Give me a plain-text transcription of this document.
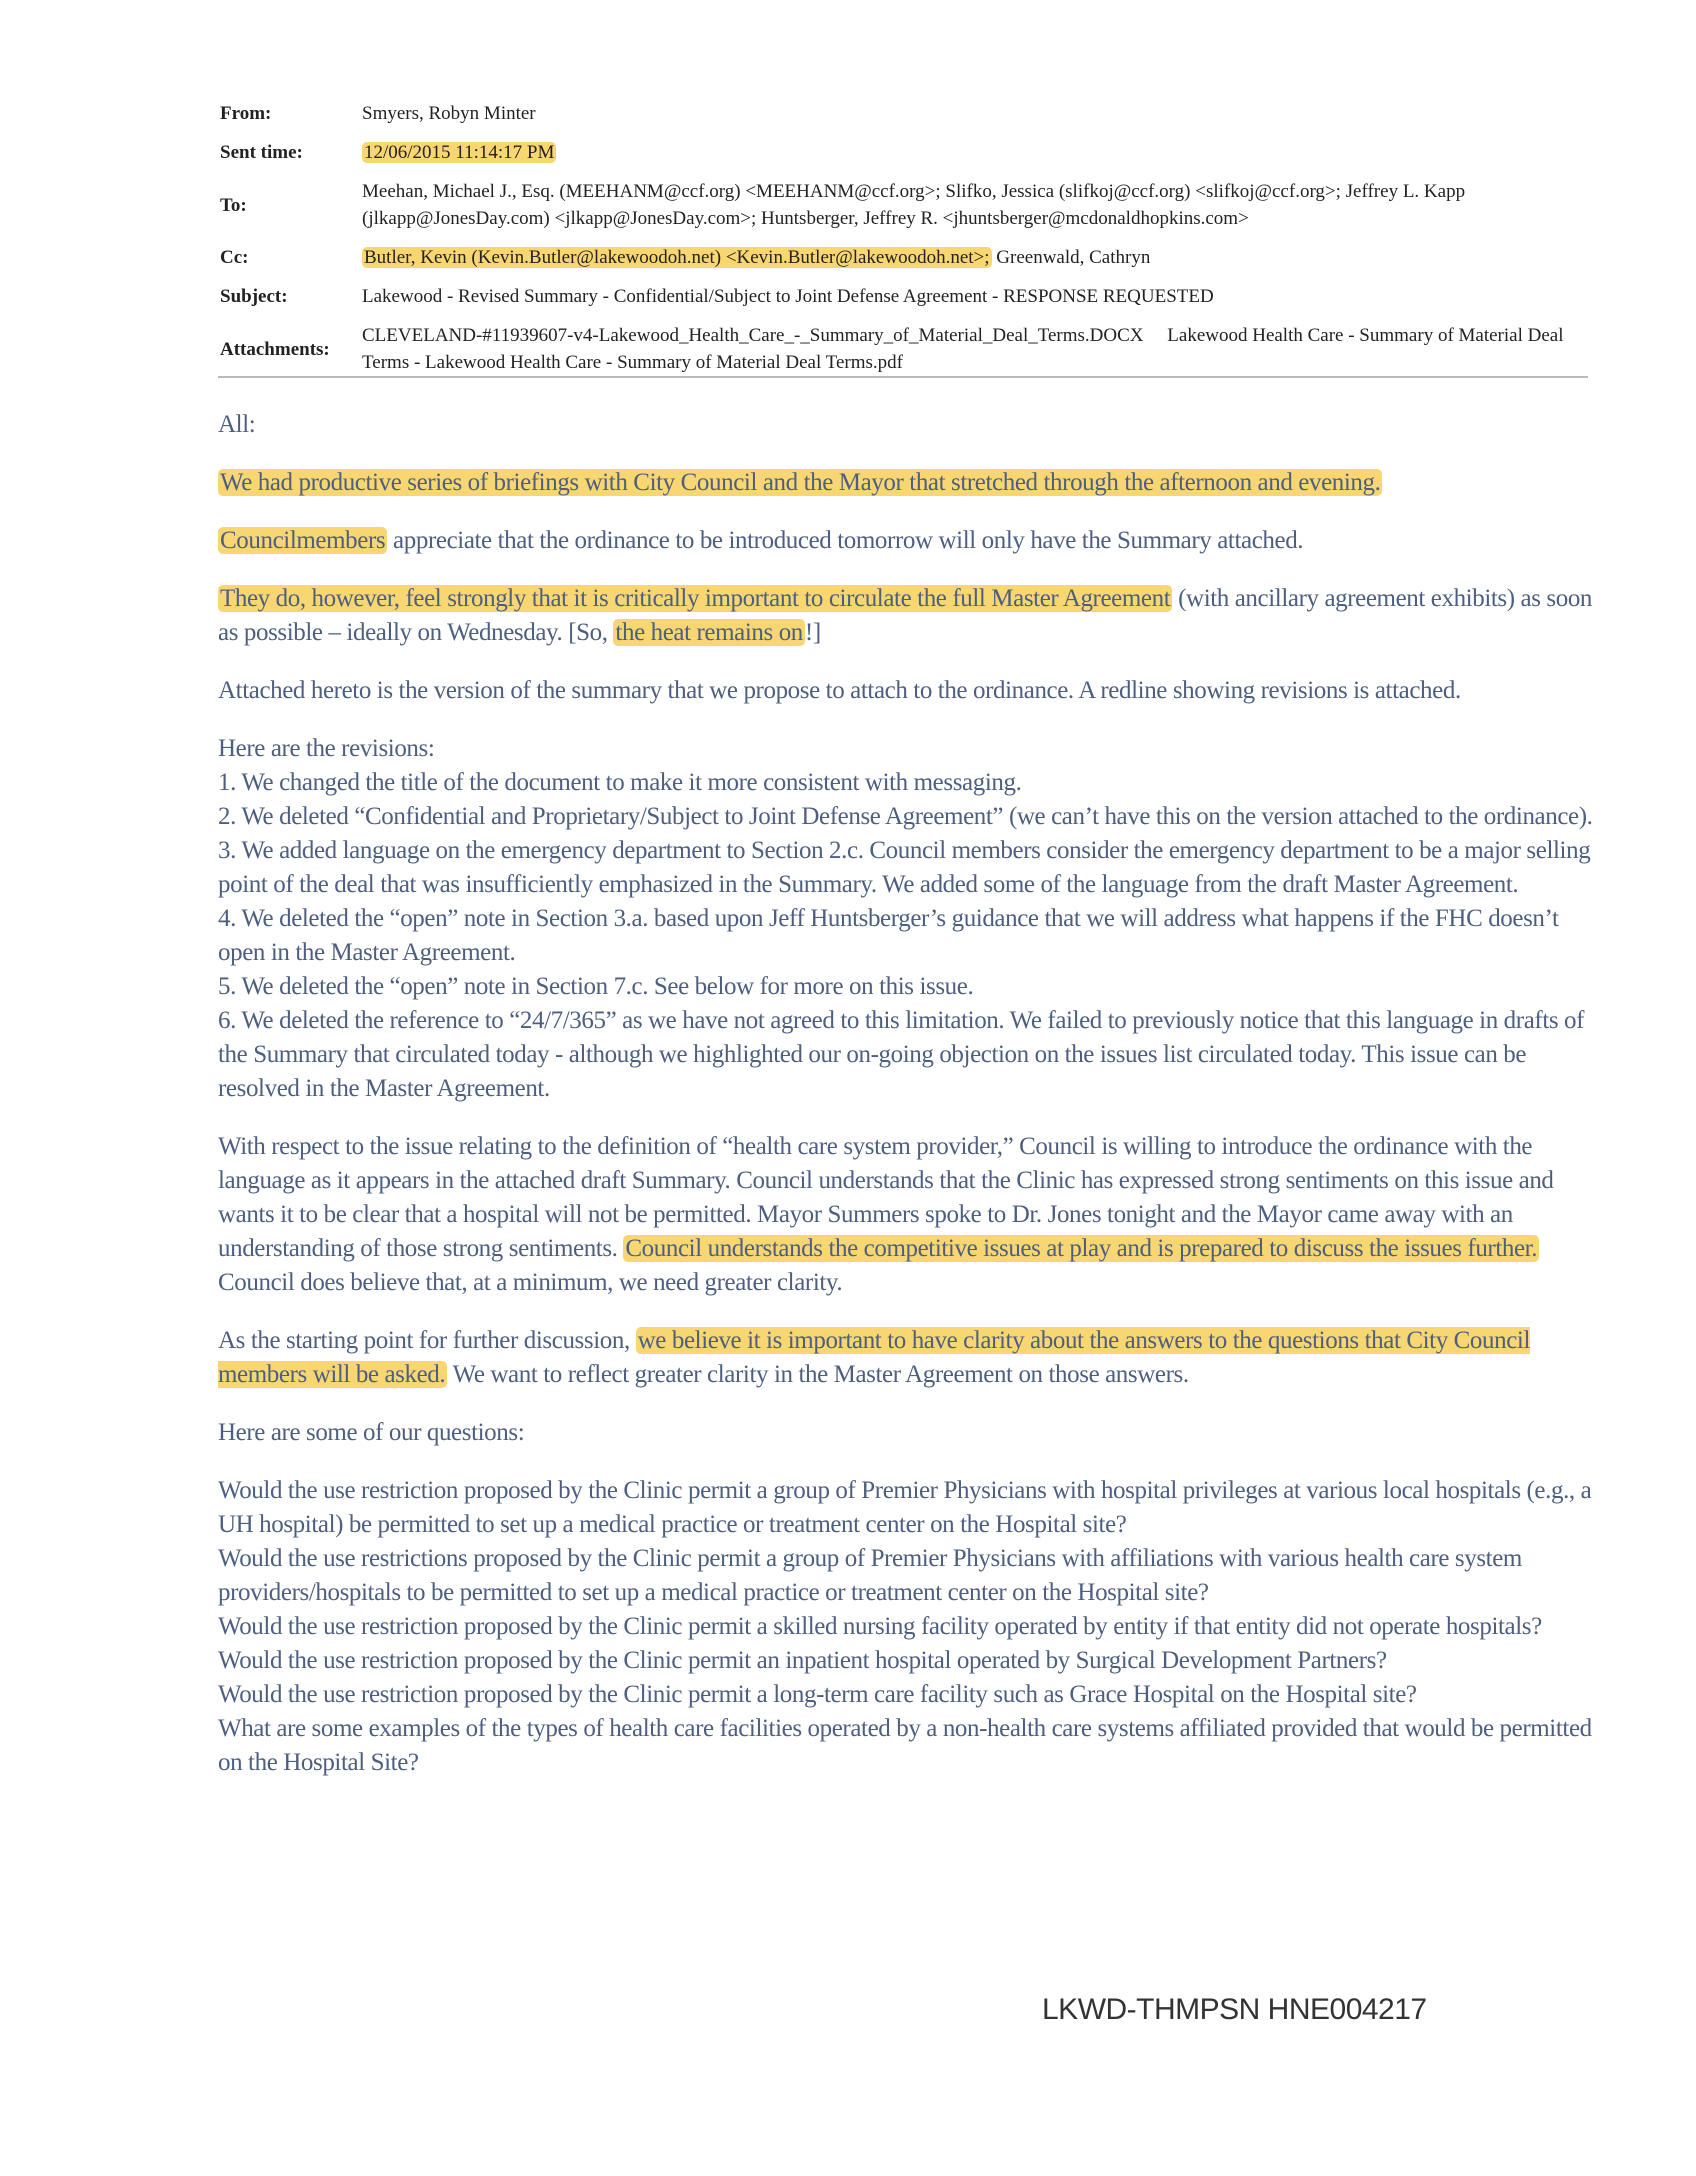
From:	Smyers, Robyn Minter
Sent time:	12/06/2015 11:14:17 PM
To:
Meehan, Michael J., Esq. (MEEHANM@ccf.org) <MEEHANM@ccf.org>; Slifko, Jessica (slifkoj@ccf.org) <slifkoj@ccf.org>; Jeffrey L. Kapp (jlkapp@JonesDay.com) <jlkapp@JonesDay.com>; Huntsberger, Jeffrey R. <jhuntsberger@mcdonaldhopkins.com>
Cc:	Butler, Kevin (Kevin.Butler@lakewoodoh.net) <Kevin.Butler@lakewoodoh.net>; Greenwald, Cathryn
Subject:	Lakewood - Revised Summary - Confidential/Subject to Joint Defense Agreement - RESPONSE REQUESTED
Attachments:
CLEVELAND-#11939607-v4-Lakewood_Health_Care_-_Summary_of_Material_Deal_Terms.DOCX     Lakewood Health Care - Summary of Material Deal Terms - Lakewood Health Care - Summary of Material Deal Terms.pdf

All:

We had productive series of briefings with City Council and the Mayor that stretched through the afternoon and evening.

Councilmembers appreciate that the ordinance to be introduced tomorrow will only have the Summary attached.

They do, however, feel strongly that it is critically important to circulate the full Master Agreement (with ancillary agreement exhibits) as soon as possible – ideally on Wednesday. [So, the heat remains on!]

Attached hereto is the version of the summary that we propose to attach to the ordinance. A redline showing revisions is attached.

Here are the revisions:

1. We changed the title of the document to make it more consistent with messaging.

2. We deleted “Confidential and Proprietary/Subject to Joint Defense Agreement” (we can’t have this on the version attached to the ordinance).

3. We added language on the emergency department to Section 2.c. Council members consider the emergency department to be a major selling point of the deal that was insufficiently emphasized in the Summary. We added some of the language from the draft Master Agreement.

4. We deleted the “open” note in Section 3.a. based upon Jeff Huntsberger’s guidance that we will address what happens if the FHC doesn’t open in the Master Agreement.

5. We deleted the “open” note in Section 7.c. See below for more on this issue.

6. We deleted the reference to “24/7/365” as we have not agreed to this limitation. We failed to previously notice that this language in drafts of the Summary that circulated today - although we highlighted our on-going objection on the issues list circulated today. This issue can be resolved in the Master Agreement.

With respect to the issue relating to the definition of “health care system provider,” Council is willing to introduce the ordinance with the language as it appears in the attached draft Summary. Council understands that the Clinic has expressed strong sentiments on this issue and wants it to be clear that a hospital will not be permitted. Mayor Summers spoke to Dr. Jones tonight and the Mayor came away with an understanding of those strong sentiments. Council understands the competitive issues at play and is prepared to discuss the issues further. Council does believe that, at a minimum, we need greater clarity.

As the starting point for further discussion, we believe it is important to have clarity about the answers to the questions that City Council members will be asked. We want to reflect greater clarity in the Master Agreement on those answers.

Here are some of our questions:

Would the use restriction proposed by the Clinic permit a group of Premier Physicians with hospital privileges at various local hospitals (e.g., a UH hospital) be permitted to set up a medical practice or treatment center on the Hospital site?

Would the use restrictions proposed by the Clinic permit a group of Premier Physicians with affiliations with various health care system providers/hospitals to be permitted to set up a medical practice or treatment center on the Hospital site?

Would the use restriction proposed by the Clinic permit a skilled nursing facility operated by entity if that entity did not operate hospitals?

Would the use restriction proposed by the Clinic permit an inpatient hospital operated by Surgical Development Partners?

Would the use restriction proposed by the Clinic permit a long-term care facility such as Grace Hospital on the Hospital site?

What are some examples of the types of health care facilities operated by a non-health care systems affiliated provided that would be permitted on the Hospital Site?

LKWD-THMPSN HNE004217
